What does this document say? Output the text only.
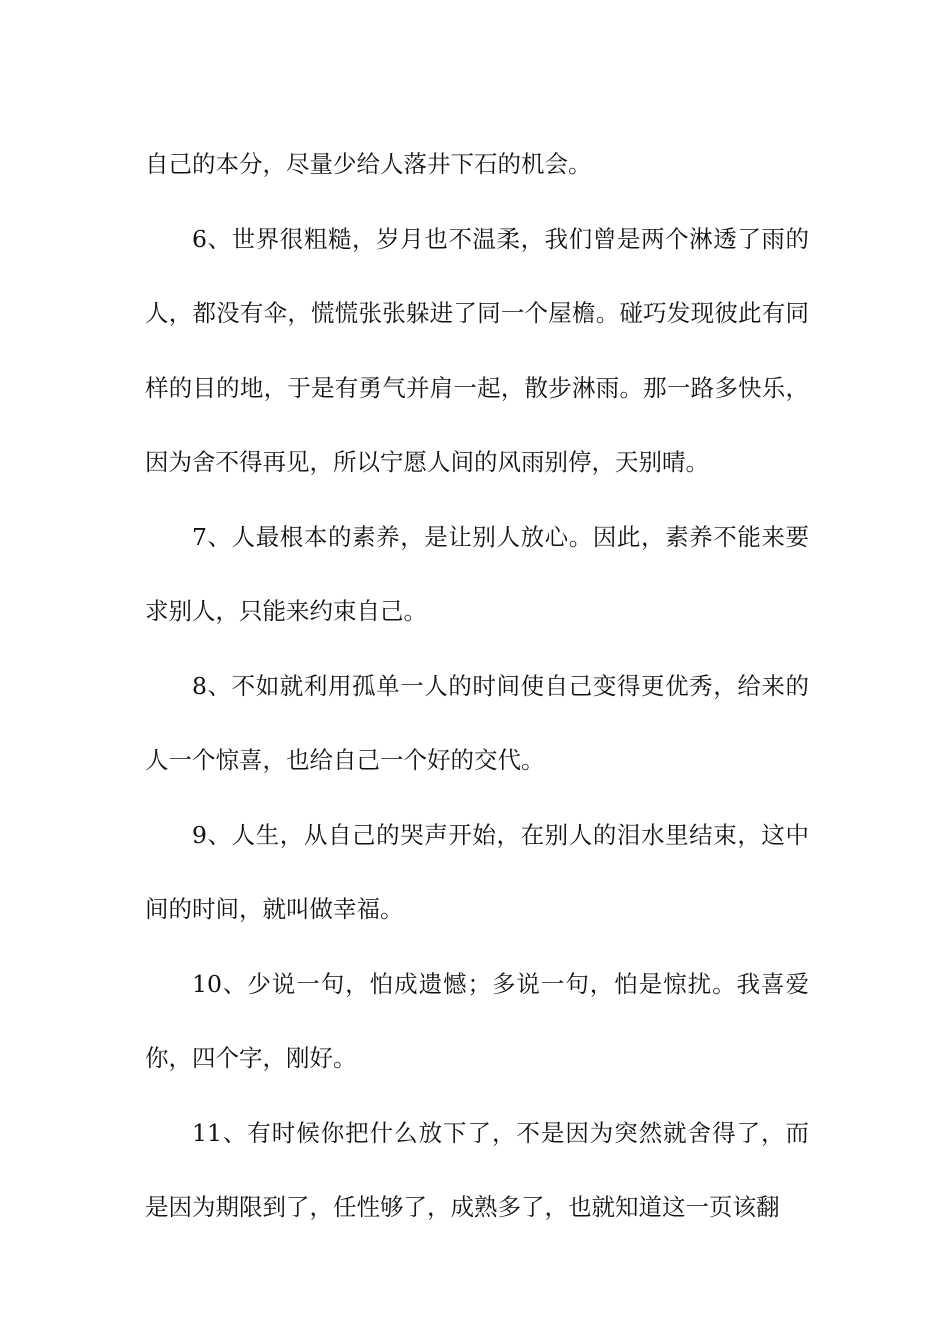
自己的本分，尽量少给人落井下石的机会。

6、世界很粗糙，岁月也不温柔，我们曾是两个淋透了雨的人，都没有伞，慌慌张张躲进了同一个屋檐。碰巧发现彼此有同样的目的地，于是有勇气并肩一起，散步淋雨。那一路多快乐，因为舍不得再见，所以宁愿人间的风雨别停，天别晴。

7、人最根本的素养，是让别人放心。因此，素养不能来要求别人，只能来约束自己。

8、不如就利用孤单一人的时间使自己变得更优秀，给来的人一个惊喜，也给自己一个好的交代。

9、人生，从自己的哭声开始，在别人的泪水里结束，这中间的时间，就叫做幸福。

10、少说一句，怕成遗憾；多说一句，怕是惊扰。我喜爱你，四个字，刚好。

11、有时候你把什么放下了，不是因为突然就舍得了，而是因为期限到了，任性够了，成熟多了，也就知道这一页该翻
